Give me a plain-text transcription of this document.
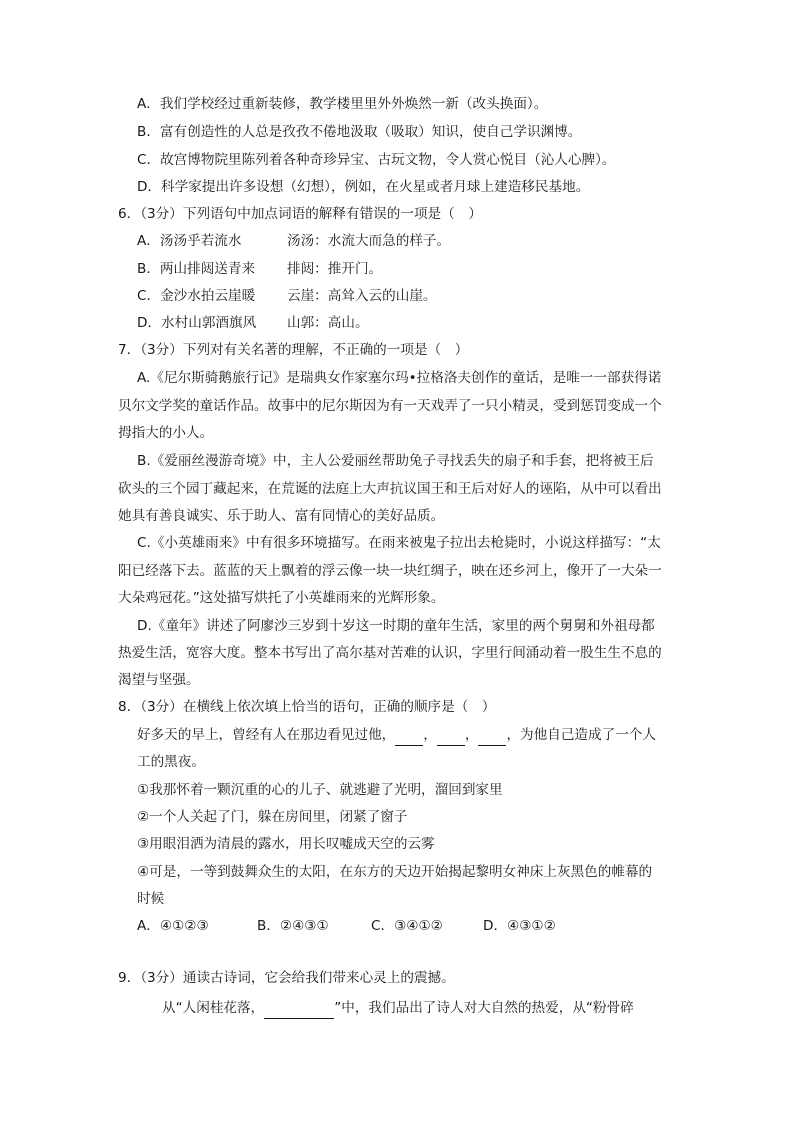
A．我们学校经过重新装修，教学楼里里外外焕然一新（改头换面）。
B．富有创造性的人总是孜孜不倦地汲取（吸取）知识，使自己学识渊博。
C．故宫博物院里陈列着各种奇珍异宝、古玩文物，令人赏心悦目（沁人心脾）。
D．科学家提出许多设想（幻想），例如，在火星或者月球上建造移民基地。
6．（3分）下列语句中加点词语的解释有错误的一项是（　）
A．汤汤乎若流水	汤汤：水流大而急的样子。
B．两山排闼送青来 排闼：推开门。
C．金沙水拍云崖暖 云崖：高耸入云的山崖。
D．水村山郭酒旗风 山郭：高山。
7．（3分）下列对有关名著的理解，不正确的一项是（　）
A.《尼尔斯骑鹅旅行记》是瑞典女作家塞尔玛•拉格洛夫创作的童话，是唯一一部获得诺
贝尔文学奖的童话作品。故事中的尼尔斯因为有一天戏弄了一只小精灵，受到惩罚变成一个
拇指大的小人。
B.《爱丽丝漫游奇境》中，主人公爱丽丝帮助兔子寻找丢失的扇子和手套，把将被王后
砍头的三个园丁藏起来，在荒诞的法庭上大声抗议国王和王后对好人的诬陷，从中可以看出
她具有善良诚实、乐于助人、富有同情心的美好品质。
C.《小英雄雨来》中有很多环境描写。在雨来被鬼子拉出去枪毙时，小说这样描写：“太
阳已经落下去。蓝蓝的天上飘着的浮云像一块一块红绸子，映在还乡河上，像开了一大朵一
大朵鸡冠花。”这处描写烘托了小英雄雨来的光辉形象。
D.《童年》讲述了阿廖沙三岁到十岁这一时期的童年生活，家里的两个舅舅和外祖母都
热爱生活，宽容大度。整本书写出了高尔基对苦难的认识，字里行间涌动着一股生生不息的
渴望与坚强。
8．（3分）在横线上依次填上恰当的语句，正确的顺序是（　）
好多天的早上，曾经有人在那边看见过他， ， ， ，为他自己造成了一个人
工的黑夜。
①我那怀着一颗沉重的心的儿子、就逃避了光明，溜回到家里
②一个人关起了门，躲在房间里，闭紧了窗子
③用眼泪洒为清晨的露水，用长叹嘘成天空的云雾
④可是，一等到鼓舞众生的太阳，在东方的天边开始揭起黎明女神床上灰黑色的帷幕的
时候
A．④①②③	B．②④③①	C．③④①②	D．④③①②
9．（3分）通读古诗词，它会给我们带来心灵上的震撼。
从“人闲桂花落，	”中，我们品出了诗人对大自然的热爱，从“粉骨碎
